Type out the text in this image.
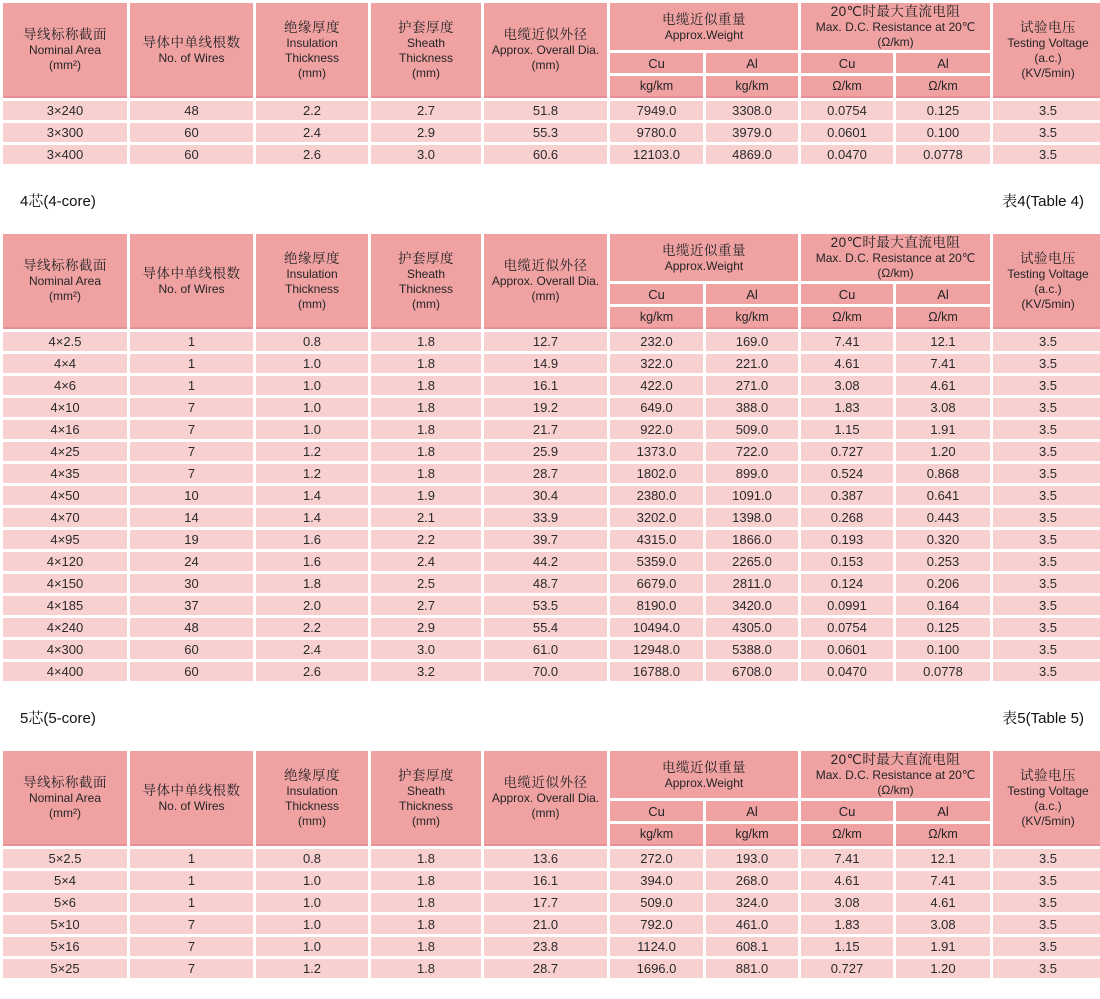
导线标称截面
Nominal Area
(mm²)

导体中单线根数
No. of Wires

绝缘厚度
Insulation
Thickness
(mm)

护套厚度
Sheath
Thickness
(mm)

电缆近似外径
Approx. Overall Dia.
(mm)

电缆近似重量
Approx.Weight

20℃时最大直流电阻
Max. D.C. Resistance at 20℃
(Ω/km)

试验电压
Testing Voltage
(a.c.)
(KV/5min)

					Cu	Al	Cu	Al	

					kg/km	kg/km	Ω/km	Ω/km	

3×240	48	2.2	2.7	51.8	7949.0	3308.0	0.0754	0.125	3.5
3×300	60	2.4	2.9	55.3	9780.0	3979.0	0.0601	0.100	3.5
3×400	60	2.6	3.0	60.6	12103.0	4869.0	0.0470	0.0778	3.5
4芯(4-core)	表4(Table 4)
导线标称截面
Nominal Area
(mm²)

导体中单线根数
No. of Wires

绝缘厚度
Insulation
Thickness
(mm)

护套厚度
Sheath
Thickness
(mm)

电缆近似外径
Approx. Overall Dia.
(mm)

电缆近似重量
Approx.Weight

20℃时最大直流电阻
Max. D.C. Resistance at 20℃
(Ω/km)

试验电压
Testing Voltage
(a.c.)
(KV/5min)

					Cu	Al	Cu	Al	

					kg/km	kg/km	Ω/km	Ω/km	

4×2.5	1	0.8	1.8	12.7	232.0	169.0	7.41	12.1	3.5
4×4	1	1.0	1.8	14.9	322.0	221.0	4.61	7.41	3.5
4×6	1	1.0	1.8	16.1	422.0	271.0	3.08	4.61	3.5
4×10	7	1.0	1.8	19.2	649.0	388.0	1.83	3.08	3.5
4×16	7	1.0	1.8	21.7	922.0	509.0	1.15	1.91	3.5
4×25	7	1.2	1.8	25.9	1373.0	722.0	0.727	1.20	3.5
4×35	7	1.2	1.8	28.7	1802.0	899.0	0.524	0.868	3.5
4×50	10	1.4	1.9	30.4	2380.0	1091.0	0.387	0.641	3.5
4×70	14	1.4	2.1	33.9	3202.0	1398.0	0.268	0.443	3.5
4×95	19	1.6	2.2	39.7	4315.0	1866.0	0.193	0.320	3.5
4×120	24	1.6	2.4	44.2	5359.0	2265.0	0.153	0.253	3.5
4×150	30	1.8	2.5	48.7	6679.0	2811.0	0.124	0.206	3.5
4×185	37	2.0	2.7	53.5	8190.0	3420.0	0.0991	0.164	3.5
4×240	48	2.2	2.9	55.4	10494.0	4305.0	0.0754	0.125	3.5
4×300	60	2.4	3.0	61.0	12948.0	5388.0	0.0601	0.100	3.5
4×400	60	2.6	3.2	70.0	16788.0	6708.0	0.0470	0.0778	3.5
5芯(5-core)	表5(Table 5)
导线标称截面
Nominal Area
(mm²)

导体中单线根数
No. of Wires

绝缘厚度
Insulation
Thickness
(mm)

护套厚度
Sheath
Thickness
(mm)

电缆近似外径
Approx. Overall Dia.
(mm)

电缆近似重量
Approx.Weight

20℃时最大直流电阻
Max. D.C. Resistance at 20℃
(Ω/km)

试验电压
Testing Voltage
(a.c.)
(KV/5min)

					Cu	Al	Cu	Al	

					kg/km	kg/km	Ω/km	Ω/km	

5×2.5	1	0.8	1.8	13.6	272.0	193.0	7.41	12.1	3.5
5×4	1	1.0	1.8	16.1	394.0	268.0	4.61	7.41	3.5
5×6	1	1.0	1.8	17.7	509.0	324.0	3.08	4.61	3.5
5×10	7	1.0	1.8	21.0	792.0	461.0	1.83	3.08	3.5
5×16	7	1.0	1.8	23.8	1124.0	608.1	1.15	1.91	3.5
5×25	7	1.2	1.8	28.7	1696.0	881.0	0.727	1.20	3.5
